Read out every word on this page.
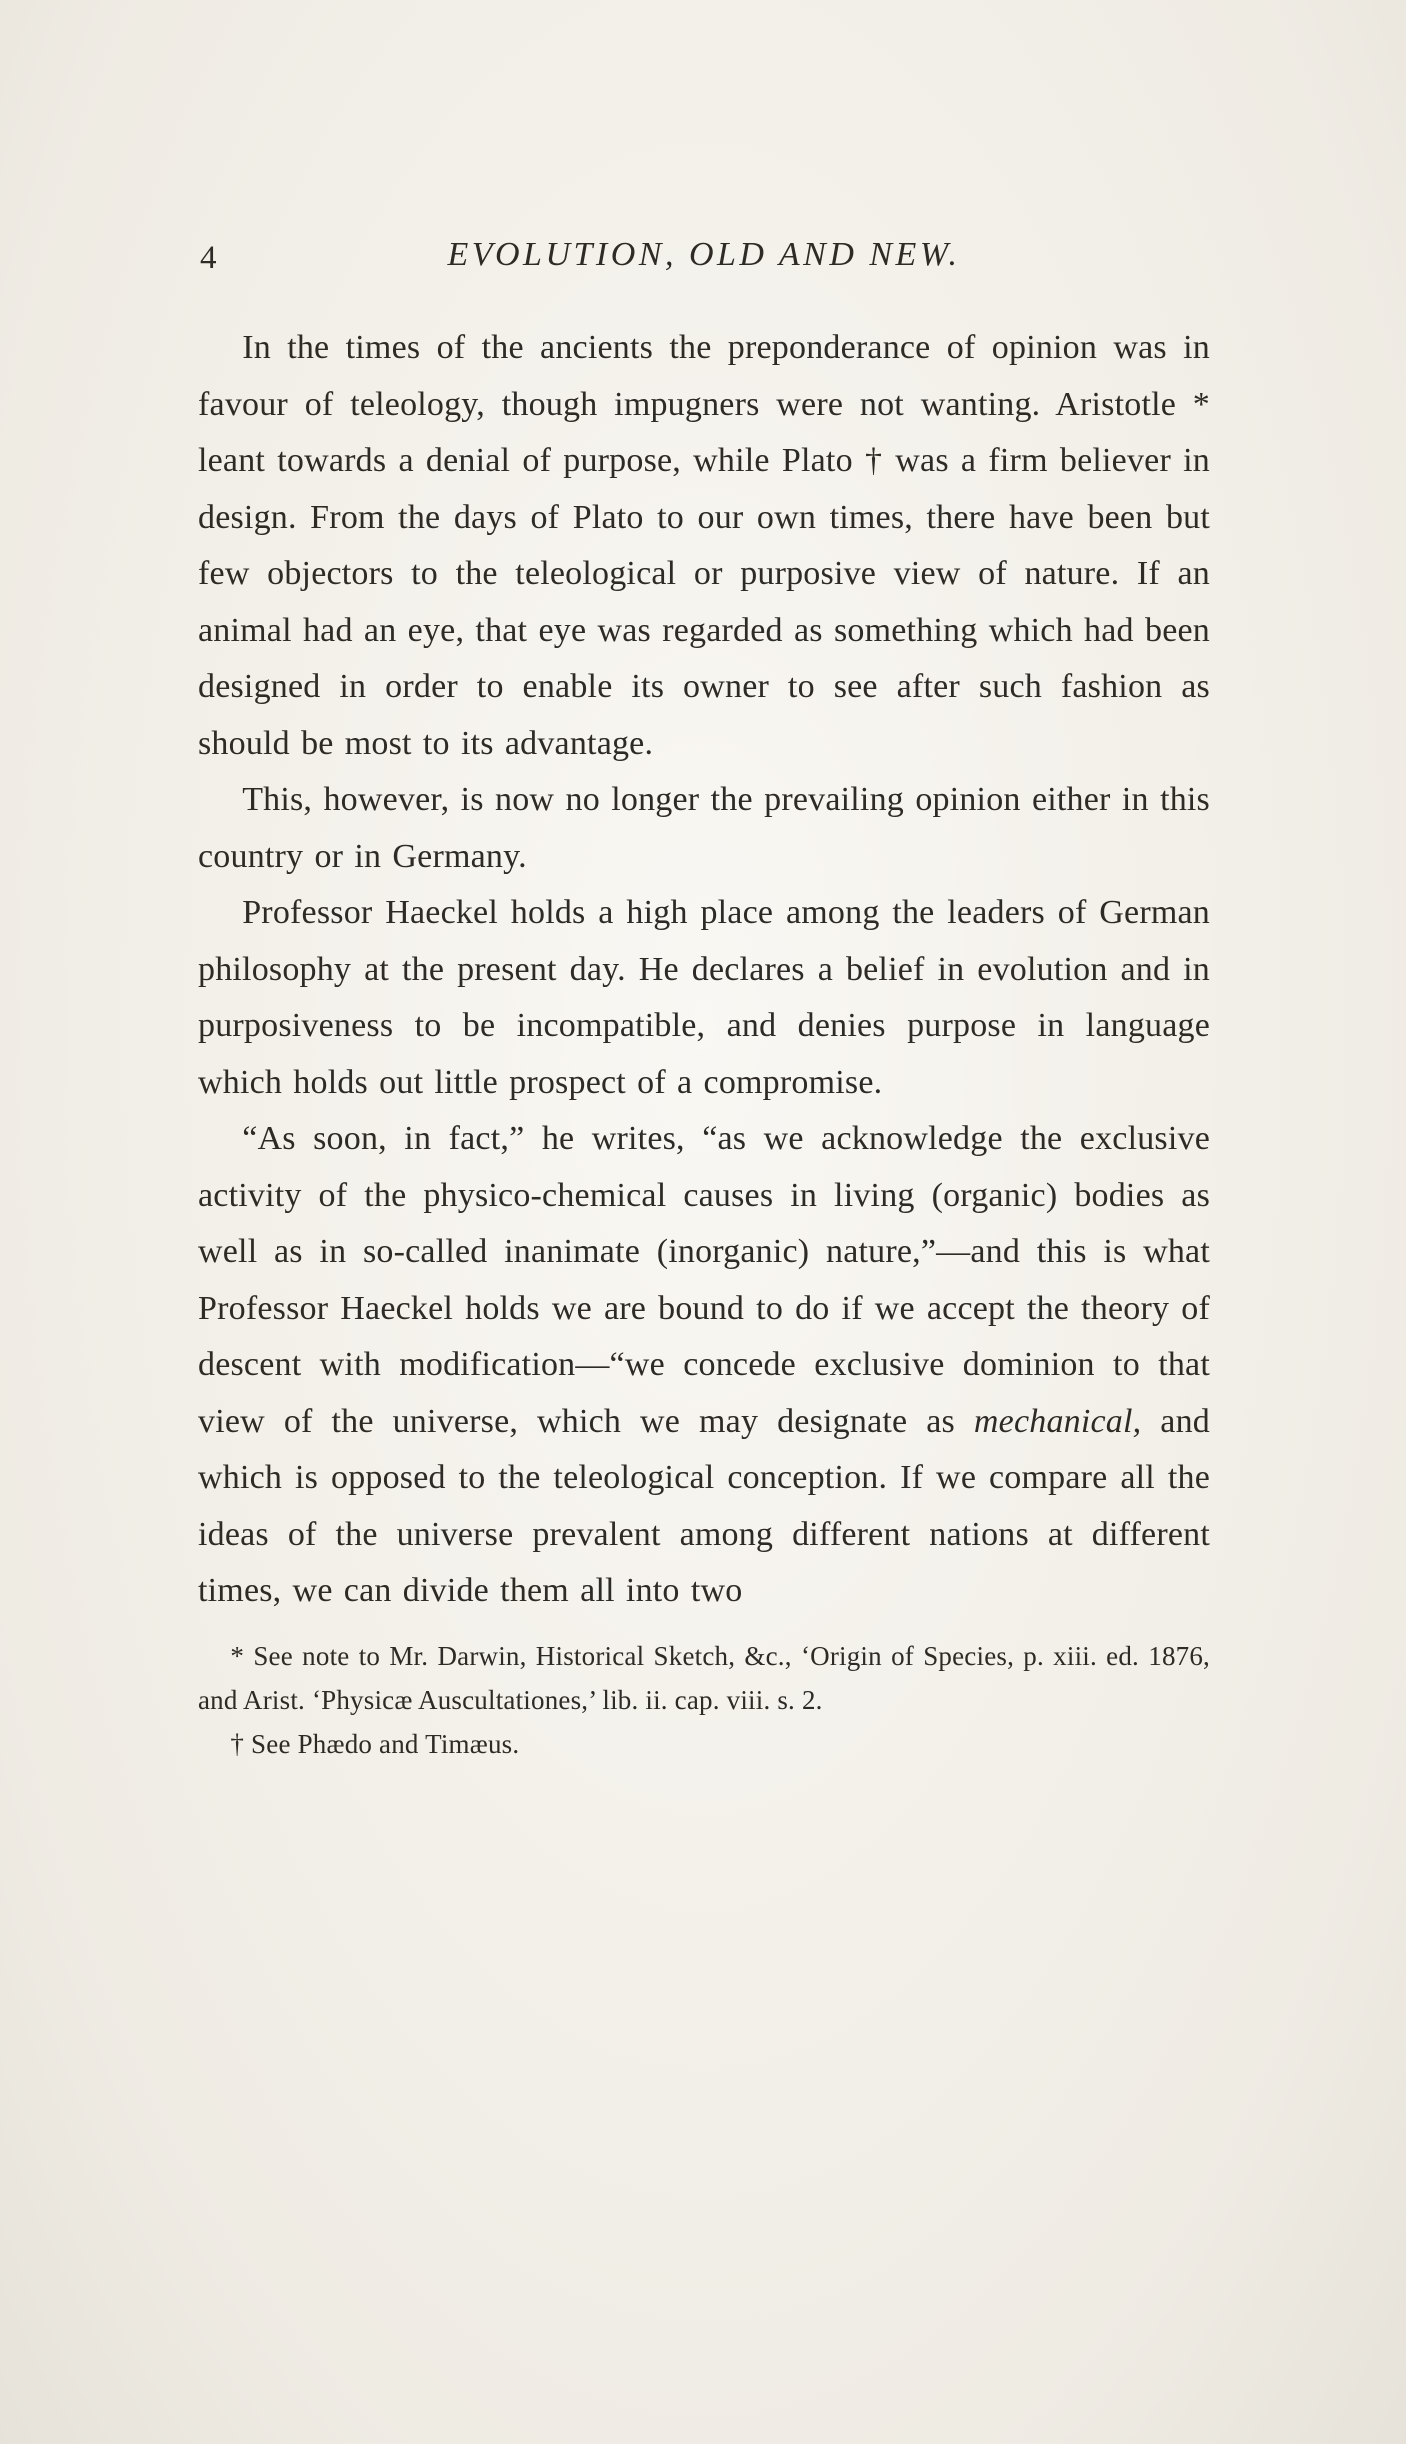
4	EVOLUTION, OLD AND NEW.

In the times of the ancients the preponderance of opinion was in favour of teleology, though impugners were not wanting. Aristotle * leant towards a denial of purpose, while Plato † was a firm believer in design. From the days of Plato to our own times, there have been but few objectors to the teleological or purposive view of nature. If an animal had an eye, that eye was regarded as something which had been designed in order to enable its owner to see after such fashion as should be most to its advantage.

This, however, is now no longer the prevailing opinion either in this country or in Germany.

Professor Haeckel holds a high place among the leaders of German philosophy at the present day. He declares a belief in evolution and in purposiveness to be incompatible, and denies purpose in language which holds out little prospect of a compromise.

“As soon, in fact,” he writes, “as we acknowledge the exclusive activity of the physico-chemical causes in living (organic) bodies as well as in so-called inanimate (inorganic) nature,”—and this is what Professor Haeckel holds we are bound to do if we accept the theory of descent with modification—“we concede exclusive dominion to that view of the universe, which we may designate as mechanical, and which is opposed to the teleological conception. If we compare all the ideas of the universe prevalent among different nations at different times, we can divide them all into two

* See note to Mr. Darwin, Historical Sketch, &c., ‘Origin of Species, p. xiii. ed. 1876, and Arist. ‘Physicæ Auscultationes,’ lib. ii. cap. viii. s. 2.

† See Phædo and Timæus.
